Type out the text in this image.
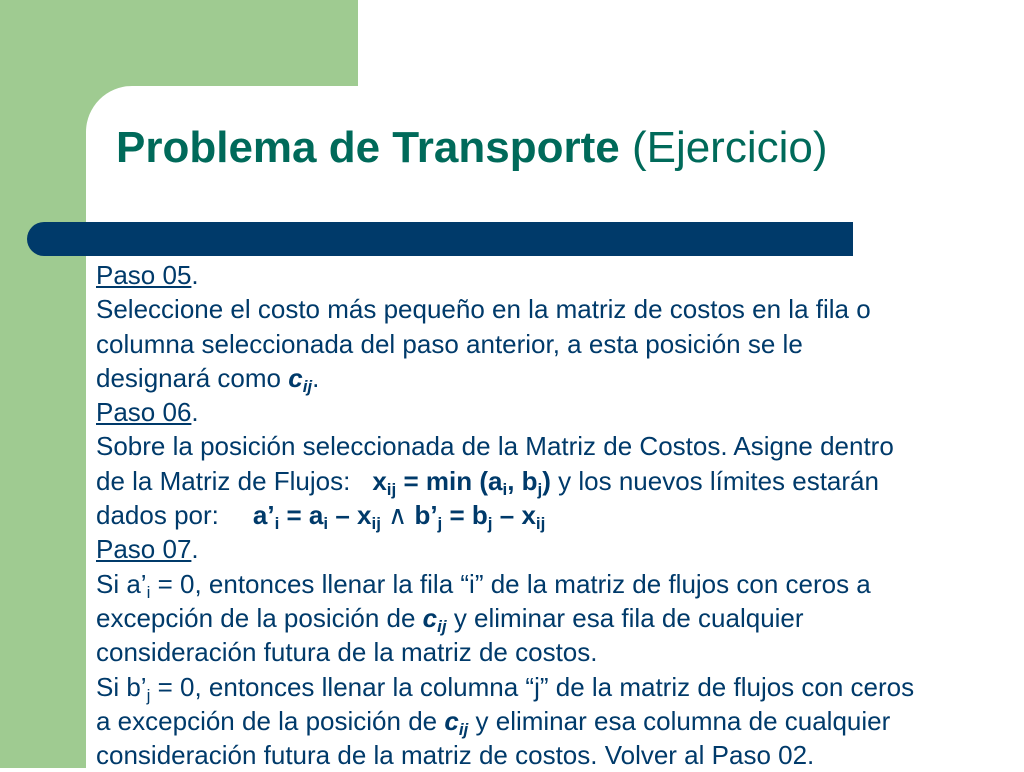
Problema de Transporte (Ejercicio)
Paso 05.
Seleccione el costo más pequeño en la matriz de costos en la fila o
columna seleccionada del paso anterior, a esta posición se le
designará como $c_{ij}$.
Paso 06.
Sobre la posición seleccionada de la Matriz de Costos. Asigne dentro
de la Matriz de Flujos: $x_{ij} = \min (a_i$, $b_j$) y los nuevos límites estarán
dados por: $a’_i = a_i - x_{ij}$ ∧ $b’_j = b_j - x_{ij}$
Paso 07.
Si $a’_i = 0$, entonces llenar la fila “i” de la matriz de flujos con ceros a
excepción de la posición de $c_{ij}$ y eliminar esa fila de cualquier
consideración futura de la matriz de costos.
Si $b’_j = 0$, entonces llenar la columna “j” de la matriz de flujos con ceros
a excepción de la posición de $c_{ij}$ y eliminar esa columna de cualquier
consideración futura de la matriz de costos. Volver al Paso 02.
